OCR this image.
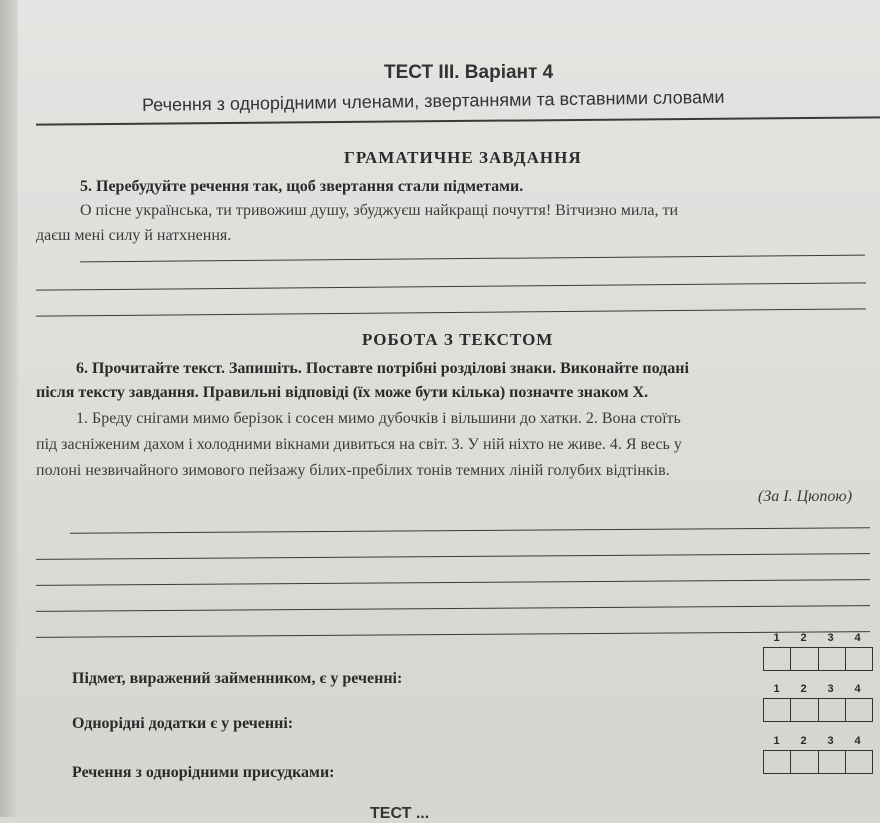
ТЕСТ III. Варіант 4
Речення з однорідними членами, звертаннями та вставними словами
ГРАМАТИЧНЕ ЗАВДАННЯ
5. Перебудуйте речення так, щоб звертання стали підметами.
О пісне українська, ти тривожиш душу, збуджуєш найкращі почуття! Вітчизно мила, ти
даєш мені силу й натхнення.
РОБОТА З ТЕКСТОМ
6. Прочитайте текст. Запишіть. Поставте потрібні розділові знаки. Виконайте подані
після тексту завдання. Правильні відповіді (їх може бути кілька) позначте знаком Х.
1. Бреду снігами мимо берізок і сосен мимо дубочків і вільшини до хатки. 2. Вона стоїть
під засніженим дахом і холодними вікнами дивиться на світ. 3. У ній ніхто не живе. 4. Я весь у
полоні незвичайного зимового пейзажу білих-пребілих тонів темних ліній голубих відтінків.
(За І. Цюпою)
Підмет, виражений займенником, є у реченні:
1	2	3	4
Однорідні додатки є у реченні:
1	2	3	4
Речення з однорідними присудками:
1	2	3	4
ТЕСТ ...
